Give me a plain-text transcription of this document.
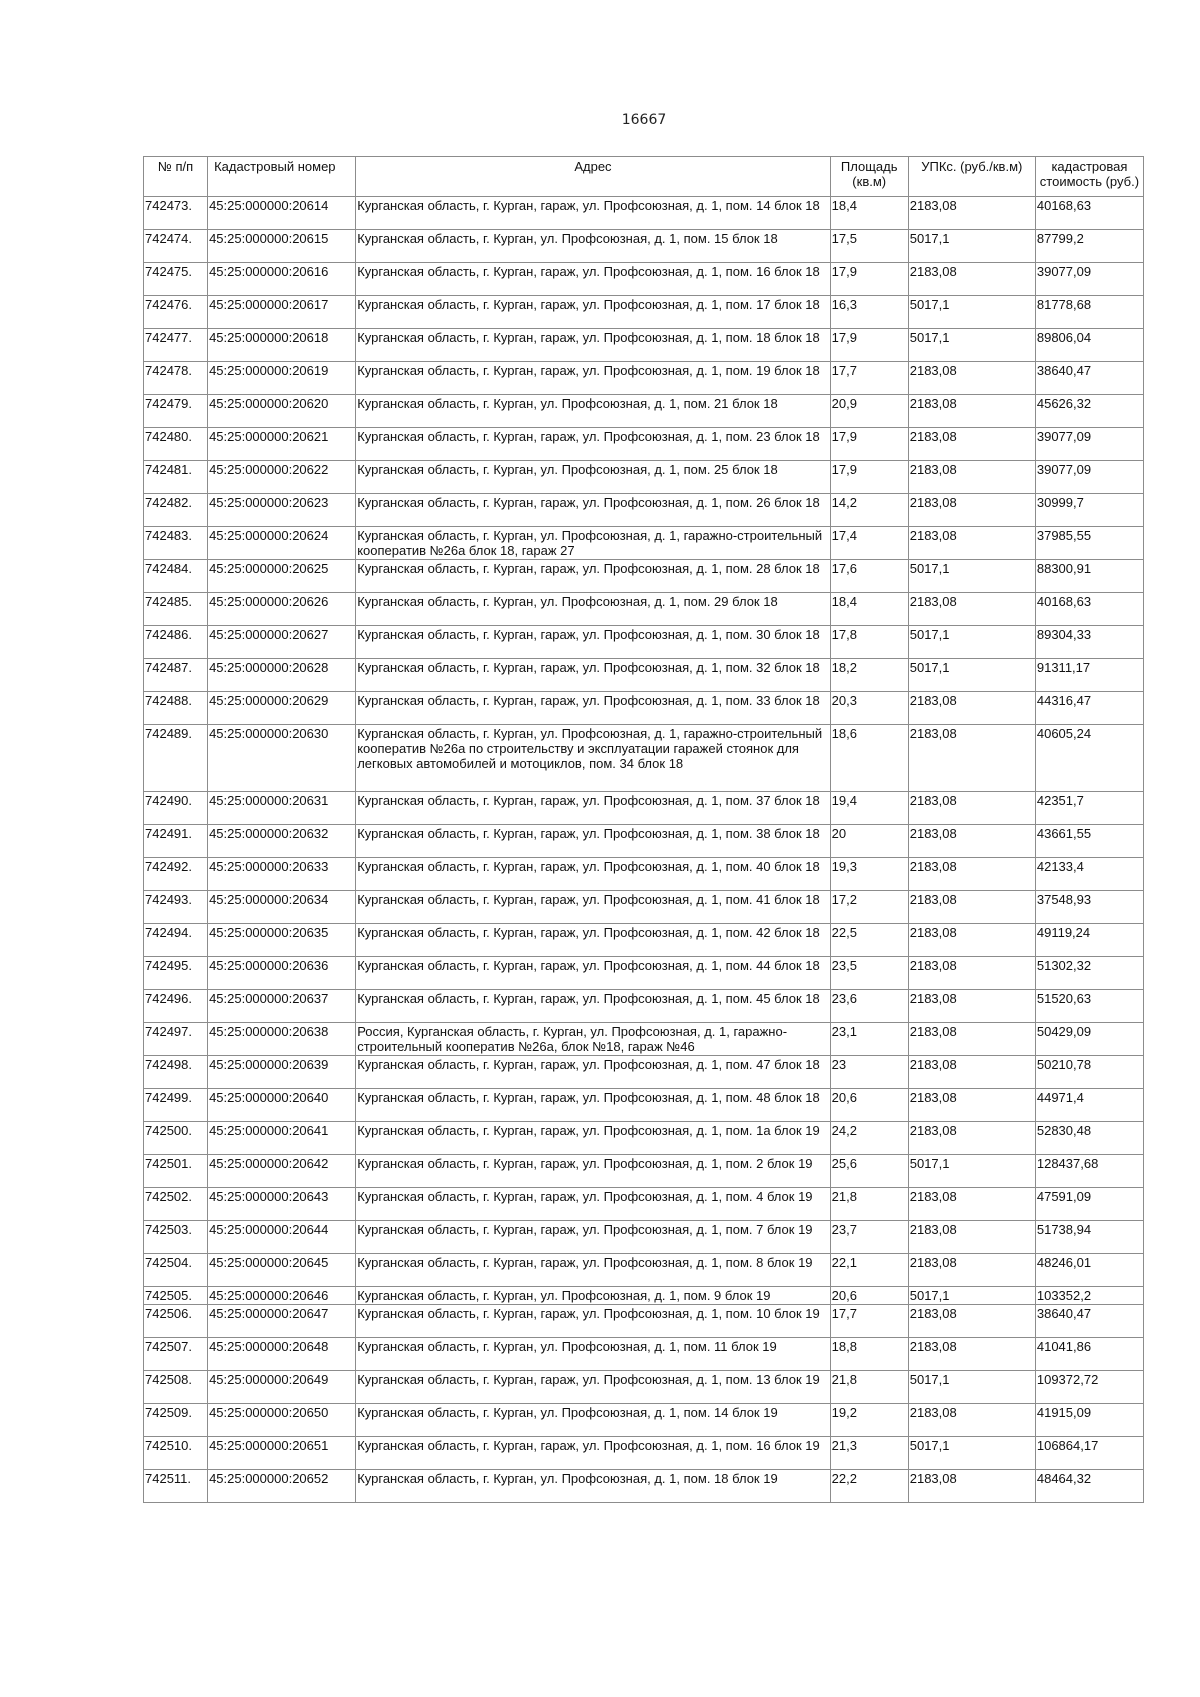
16667
№ п/п	Кадастровый номер	Адрес	Площадь (кв.м)	УПКс. (руб./кв.м)	кадастровая стоимость (руб.)
742473.	45:25:000000:20614	Курганская область, г. Курган, гараж, ул. Профсоюзная, д. 1, пом. 14 блок 18	18,4	2183,08	40168,63
742474.	45:25:000000:20615	Курганская область, г. Курган, ул. Профсоюзная, д. 1, пом. 15 блок 18	17,5	5017,1	87799,2
742475.	45:25:000000:20616	Курганская область, г. Курган, гараж, ул. Профсоюзная, д. 1, пом. 16 блок 18	17,9	2183,08	39077,09
742476.	45:25:000000:20617	Курганская область, г. Курган, гараж, ул. Профсоюзная, д. 1, пом. 17 блок 18	16,3	5017,1	81778,68
742477.	45:25:000000:20618	Курганская область, г. Курган, гараж, ул. Профсоюзная, д. 1, пом. 18 блок 18	17,9	5017,1	89806,04
742478.	45:25:000000:20619	Курганская область, г. Курган, гараж, ул. Профсоюзная, д. 1, пом. 19 блок 18	17,7	2183,08	38640,47
742479.	45:25:000000:20620	Курганская область, г. Курган, ул. Профсоюзная, д. 1, пом. 21 блок 18	20,9	2183,08	45626,32
742480.	45:25:000000:20621	Курганская область, г. Курган, гараж, ул. Профсоюзная, д. 1, пом. 23 блок 18	17,9	2183,08	39077,09
742481.	45:25:000000:20622	Курганская область, г. Курган, ул. Профсоюзная, д. 1, пом. 25 блок 18	17,9	2183,08	39077,09
742482.	45:25:000000:20623	Курганская область, г. Курган, гараж, ул. Профсоюзная, д. 1, пом. 26 блок 18	14,2	2183,08	30999,7
742483.	45:25:000000:20624	Курганская область, г. Курган, ул. Профсоюзная, д. 1, гаражно-строительный кооператив №26а блок 18, гараж 27	17,4	2183,08	37985,55
742484.	45:25:000000:20625	Курганская область, г. Курган, гараж, ул. Профсоюзная, д. 1, пом. 28 блок 18	17,6	5017,1	88300,91
742485.	45:25:000000:20626	Курганская область, г. Курган, ул. Профсоюзная, д. 1, пом. 29 блок 18	18,4	2183,08	40168,63
742486.	45:25:000000:20627	Курганская область, г. Курган, гараж, ул. Профсоюзная, д. 1, пом. 30 блок 18	17,8	5017,1	89304,33
742487.	45:25:000000:20628	Курганская область, г. Курган, гараж, ул. Профсоюзная, д. 1, пом. 32 блок 18	18,2	5017,1	91311,17
742488.	45:25:000000:20629	Курганская область, г. Курган, гараж, ул. Профсоюзная, д. 1, пом. 33 блок 18	20,3	2183,08	44316,47
742489.	45:25:000000:20630	Курганская область, г. Курган, ул. Профсоюзная, д. 1, гаражно-строительный кооператив №26а по строительству и эксплуатации гаражей стоянок для легковых автомобилей и мотоциклов, пом. 34 блок 18	18,6	2183,08	40605,24
742490.	45:25:000000:20631	Курганская область, г. Курган, гараж, ул. Профсоюзная, д. 1, пом. 37 блок 18	19,4	2183,08	42351,7
742491.	45:25:000000:20632	Курганская область, г. Курган, гараж, ул. Профсоюзная, д. 1, пом. 38 блок 18	20	2183,08	43661,55
742492.	45:25:000000:20633	Курганская область, г. Курган, гараж, ул. Профсоюзная, д. 1, пом. 40 блок 18	19,3	2183,08	42133,4
742493.	45:25:000000:20634	Курганская область, г. Курган, гараж, ул. Профсоюзная, д. 1, пом. 41 блок 18	17,2	2183,08	37548,93
742494.	45:25:000000:20635	Курганская область, г. Курган, гараж, ул. Профсоюзная, д. 1, пом. 42 блок 18	22,5	2183,08	49119,24
742495.	45:25:000000:20636	Курганская область, г. Курган, гараж, ул. Профсоюзная, д. 1, пом. 44 блок 18	23,5	2183,08	51302,32
742496.	45:25:000000:20637	Курганская область, г. Курган, гараж, ул. Профсоюзная, д. 1, пом. 45 блок 18	23,6	2183,08	51520,63
742497.	45:25:000000:20638	Россия, Курганская область, г. Курган, ул. Профсоюзная, д. 1, гаражно-строительный кооператив №26а, блок №18, гараж №46	23,1	2183,08	50429,09
742498.	45:25:000000:20639	Курганская область, г. Курган, гараж, ул. Профсоюзная, д. 1, пом. 47 блок 18	23	2183,08	50210,78
742499.	45:25:000000:20640	Курганская область, г. Курган, гараж, ул. Профсоюзная, д. 1, пом. 48 блок 18	20,6	2183,08	44971,4
742500.	45:25:000000:20641	Курганская область, г. Курган, гараж, ул. Профсоюзная, д. 1, пом. 1а блок 19	24,2	2183,08	52830,48
742501.	45:25:000000:20642	Курганская область, г. Курган, гараж, ул. Профсоюзная, д. 1, пом. 2 блок 19	25,6	5017,1	128437,68
742502.	45:25:000000:20643	Курганская область, г. Курган, гараж, ул. Профсоюзная, д. 1, пом. 4 блок 19	21,8	2183,08	47591,09
742503.	45:25:000000:20644	Курганская область, г. Курган, гараж, ул. Профсоюзная, д. 1, пом. 7 блок 19	23,7	2183,08	51738,94
742504.	45:25:000000:20645	Курганская область, г. Курган, гараж, ул. Профсоюзная, д. 1, пом. 8 блок 19	22,1	2183,08	48246,01
742505.	45:25:000000:20646	Курганская область, г. Курган, ул. Профсоюзная, д. 1, пом. 9 блок 19	20,6	5017,1	103352,2
742506.	45:25:000000:20647	Курганская область, г. Курган, гараж, ул. Профсоюзная, д. 1, пом. 10 блок 19	17,7	2183,08	38640,47
742507.	45:25:000000:20648	Курганская область, г. Курган, ул. Профсоюзная, д. 1, пом. 11 блок 19	18,8	2183,08	41041,86
742508.	45:25:000000:20649	Курганская область, г. Курган, гараж, ул. Профсоюзная, д. 1, пом. 13 блок 19	21,8	5017,1	109372,72
742509.	45:25:000000:20650	Курганская область, г. Курган, ул. Профсоюзная, д. 1, пом. 14 блок 19	19,2	2183,08	41915,09
742510.	45:25:000000:20651	Курганская область, г. Курган, гараж, ул. Профсоюзная, д. 1, пом. 16 блок 19	21,3	5017,1	106864,17
742511.	45:25:000000:20652	Курганская область, г. Курган, ул. Профсоюзная, д. 1, пом. 18 блок 19	22,2	2183,08	48464,32
